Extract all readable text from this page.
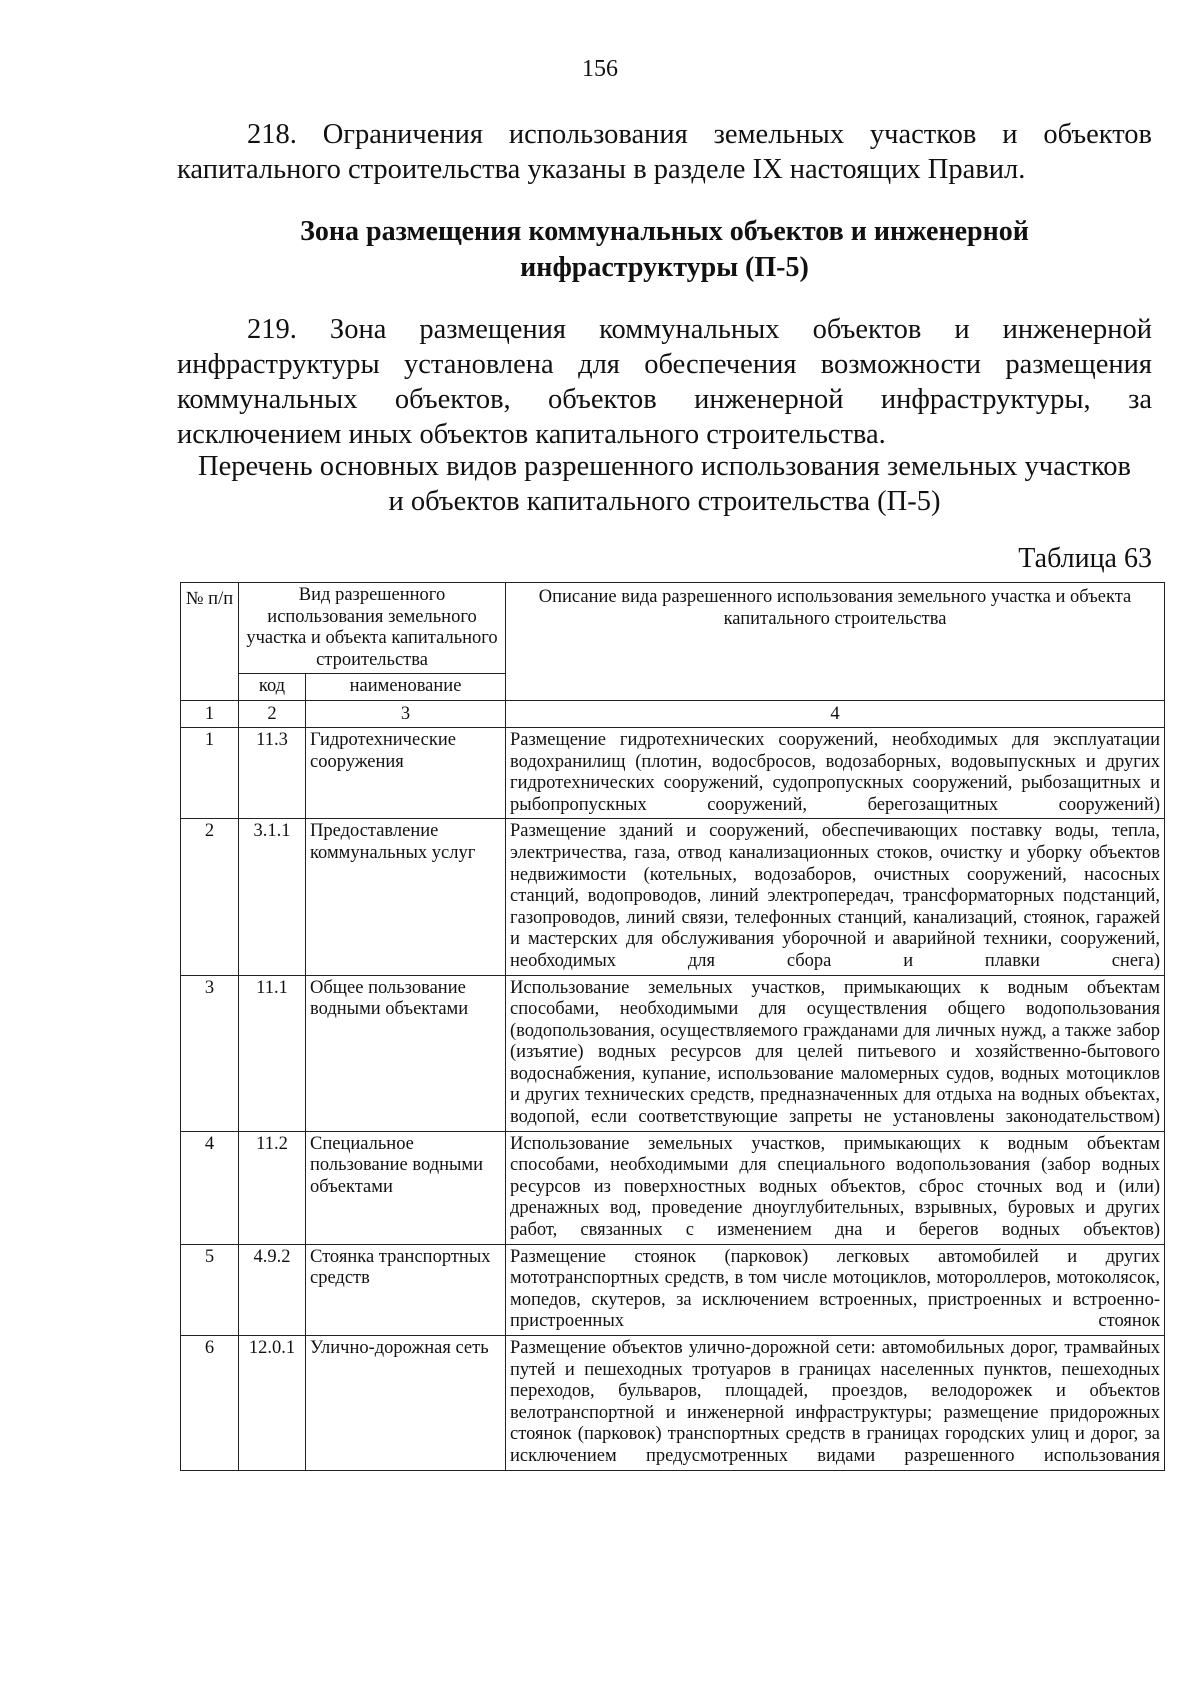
156

218. Ограничения использования земельных участков и объектов капитального строительства указаны в разделе IX настоящих Правил.

Зона размещения коммунальных объектов и инженерной
инфраструктуры (П-5)

219. Зона размещения коммунальных объектов и инженерной инфраструктуры установлена для обеспечения возможности размещения коммунальных объектов, объектов инженерной инфраструктуры, за исключением иных объектов капитального строительства.

Перечень основных видов разрешенного использования земельных участков
и объектов капитального строительства (П-5)
Таблица 63
№ п/п	Вид разрешенного использования земельного участка и объекта капитального строительства		Описание вида разрешенного использования земельного участка и объекта капитального строительства
	код	наименование	
1	2	3	4
1	11.3	Гидротехнические сооружения	Размещение гидротехнических сооружений, необходимых для эксплуатации водохранилищ (плотин, водосбросов, водозаборных, водовыпускных и других гидротехнических сооружений, судопропускных сооружений, рыбозащитных и рыбопропускных сооружений, берегозащитных сооружений)
2	3.1.1	Предоставление коммунальных услуг	Размещение зданий и сооружений, обеспечивающих поставку воды, тепла, электричества, газа, отвод канализационных стоков, очистку и уборку объектов недвижимости (котельных, водозаборов, очистных сооружений, насосных станций, водопроводов, линий электропередач, трансформаторных подстанций, газопроводов, линий связи, телефонных станций, канализаций, стоянок, гаражей и мастерских для обслуживания уборочной и аварийной техники, сооружений, необходимых для сбора и плавки снега)
3	11.1	Общее пользование водными объектами	Использование земельных участков, примыкающих к водным объектам способами, необходимыми для осуществления общего водопользования (водопользования, осуществляемого гражданами для личных нужд, а также забор (изъятие) водных ресурсов для целей питьевого и хозяйственно-бытового водоснабжения, купание, использование маломерных судов, водных мотоциклов и других технических средств, предназначенных для отдыха на водных объектах, водопой, если соответствующие запреты не установлены законодательством)
4	11.2	Специальное пользование водными объектами	Использование земельных участков, примыкающих к водным объектам способами, необходимыми для специального водопользования (забор водных ресурсов из поверхностных водных объектов, сброс сточных вод и (или) дренажных вод, проведение дноуглубительных, взрывных, буровых и других работ, связанных с изменением дна и берегов водных объектов)
5	4.9.2	Стоянка транспортных средств	Размещение стоянок (парковок) легковых автомобилей и других мототранспортных средств, в том числе мотоциклов, мотороллеров, мотоколясок, мопедов, скутеров, за исключением встроенных, пристроенных и встроенно-пристроенных стоянок
6	12.0.1	Улично-дорожная сеть	Размещение объектов улично-дорожной сети: автомобильных дорог, трамвайных путей и пешеходных тротуаров в границах населенных пунктов, пешеходных переходов, бульваров, площадей, проездов, велодорожек и объектов велотранспортной и инженерной инфраструктуры; размещение придорожных стоянок (парковок) транспортных средств в границах городских улиц и дорог, за исключением предусмотренных видами разрешенного использования
